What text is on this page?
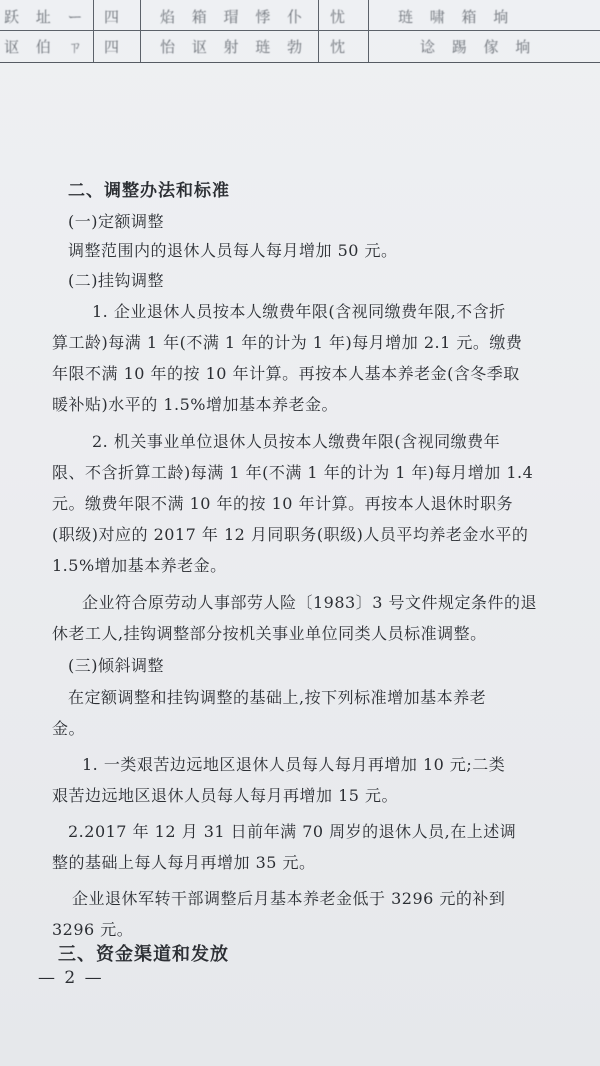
跃 址 ー 四 焰 箱 瑁 悸 仆 忧	琏 啸 箱 垧
讴 伯 ㄗ 四 怡 讴 射 琏 勃 忱	谂 踢 傢 垧
二、调整办法和标准
(一)定额调整
调整范围内的退休人员每人每月增加 50 元。
(二)挂钩调整
1. 企业退休人员按本人缴费年限(含视同缴费年限,不含折
算工龄)每满 1 年(不满 1 年的计为 1 年)每月增加 2.1 元。缴费
年限不满 10 年的按 10 年计算。再按本人基本养老金(含冬季取
暖补贴)水平的 1.5%增加基本养老金。
2. 机关事业单位退休人员按本人缴费年限(含视同缴费年
限、不含折算工龄)每满 1 年(不满 1 年的计为 1 年)每月增加 1.4
元。缴费年限不满 10 年的按 10 年计算。再按本人退休时职务
(职级)对应的 2017 年 12 月同职务(职级)人员平均养老金水平的
1.5%增加基本养老金。
企业符合原劳动人事部劳人险〔1983〕3 号文件规定条件的退
休老工人,挂钩调整部分按机关事业单位同类人员标准调整。
(三)倾斜调整
在定额调整和挂钩调整的基础上,按下列标准增加基本养老
金。
1. 一类艰苦边远地区退休人员每人每月再增加 10 元;二类
艰苦边远地区退休人员每人每月再增加 15 元。
2.2017 年 12 月 31 日前年满 70 周岁的退休人员,在上述调
整的基础上每人每月再增加 35 元。
企业退休军转干部调整后月基本养老金低于 3296 元的补到
3296 元。
三、资金渠道和发放
— 2 —
